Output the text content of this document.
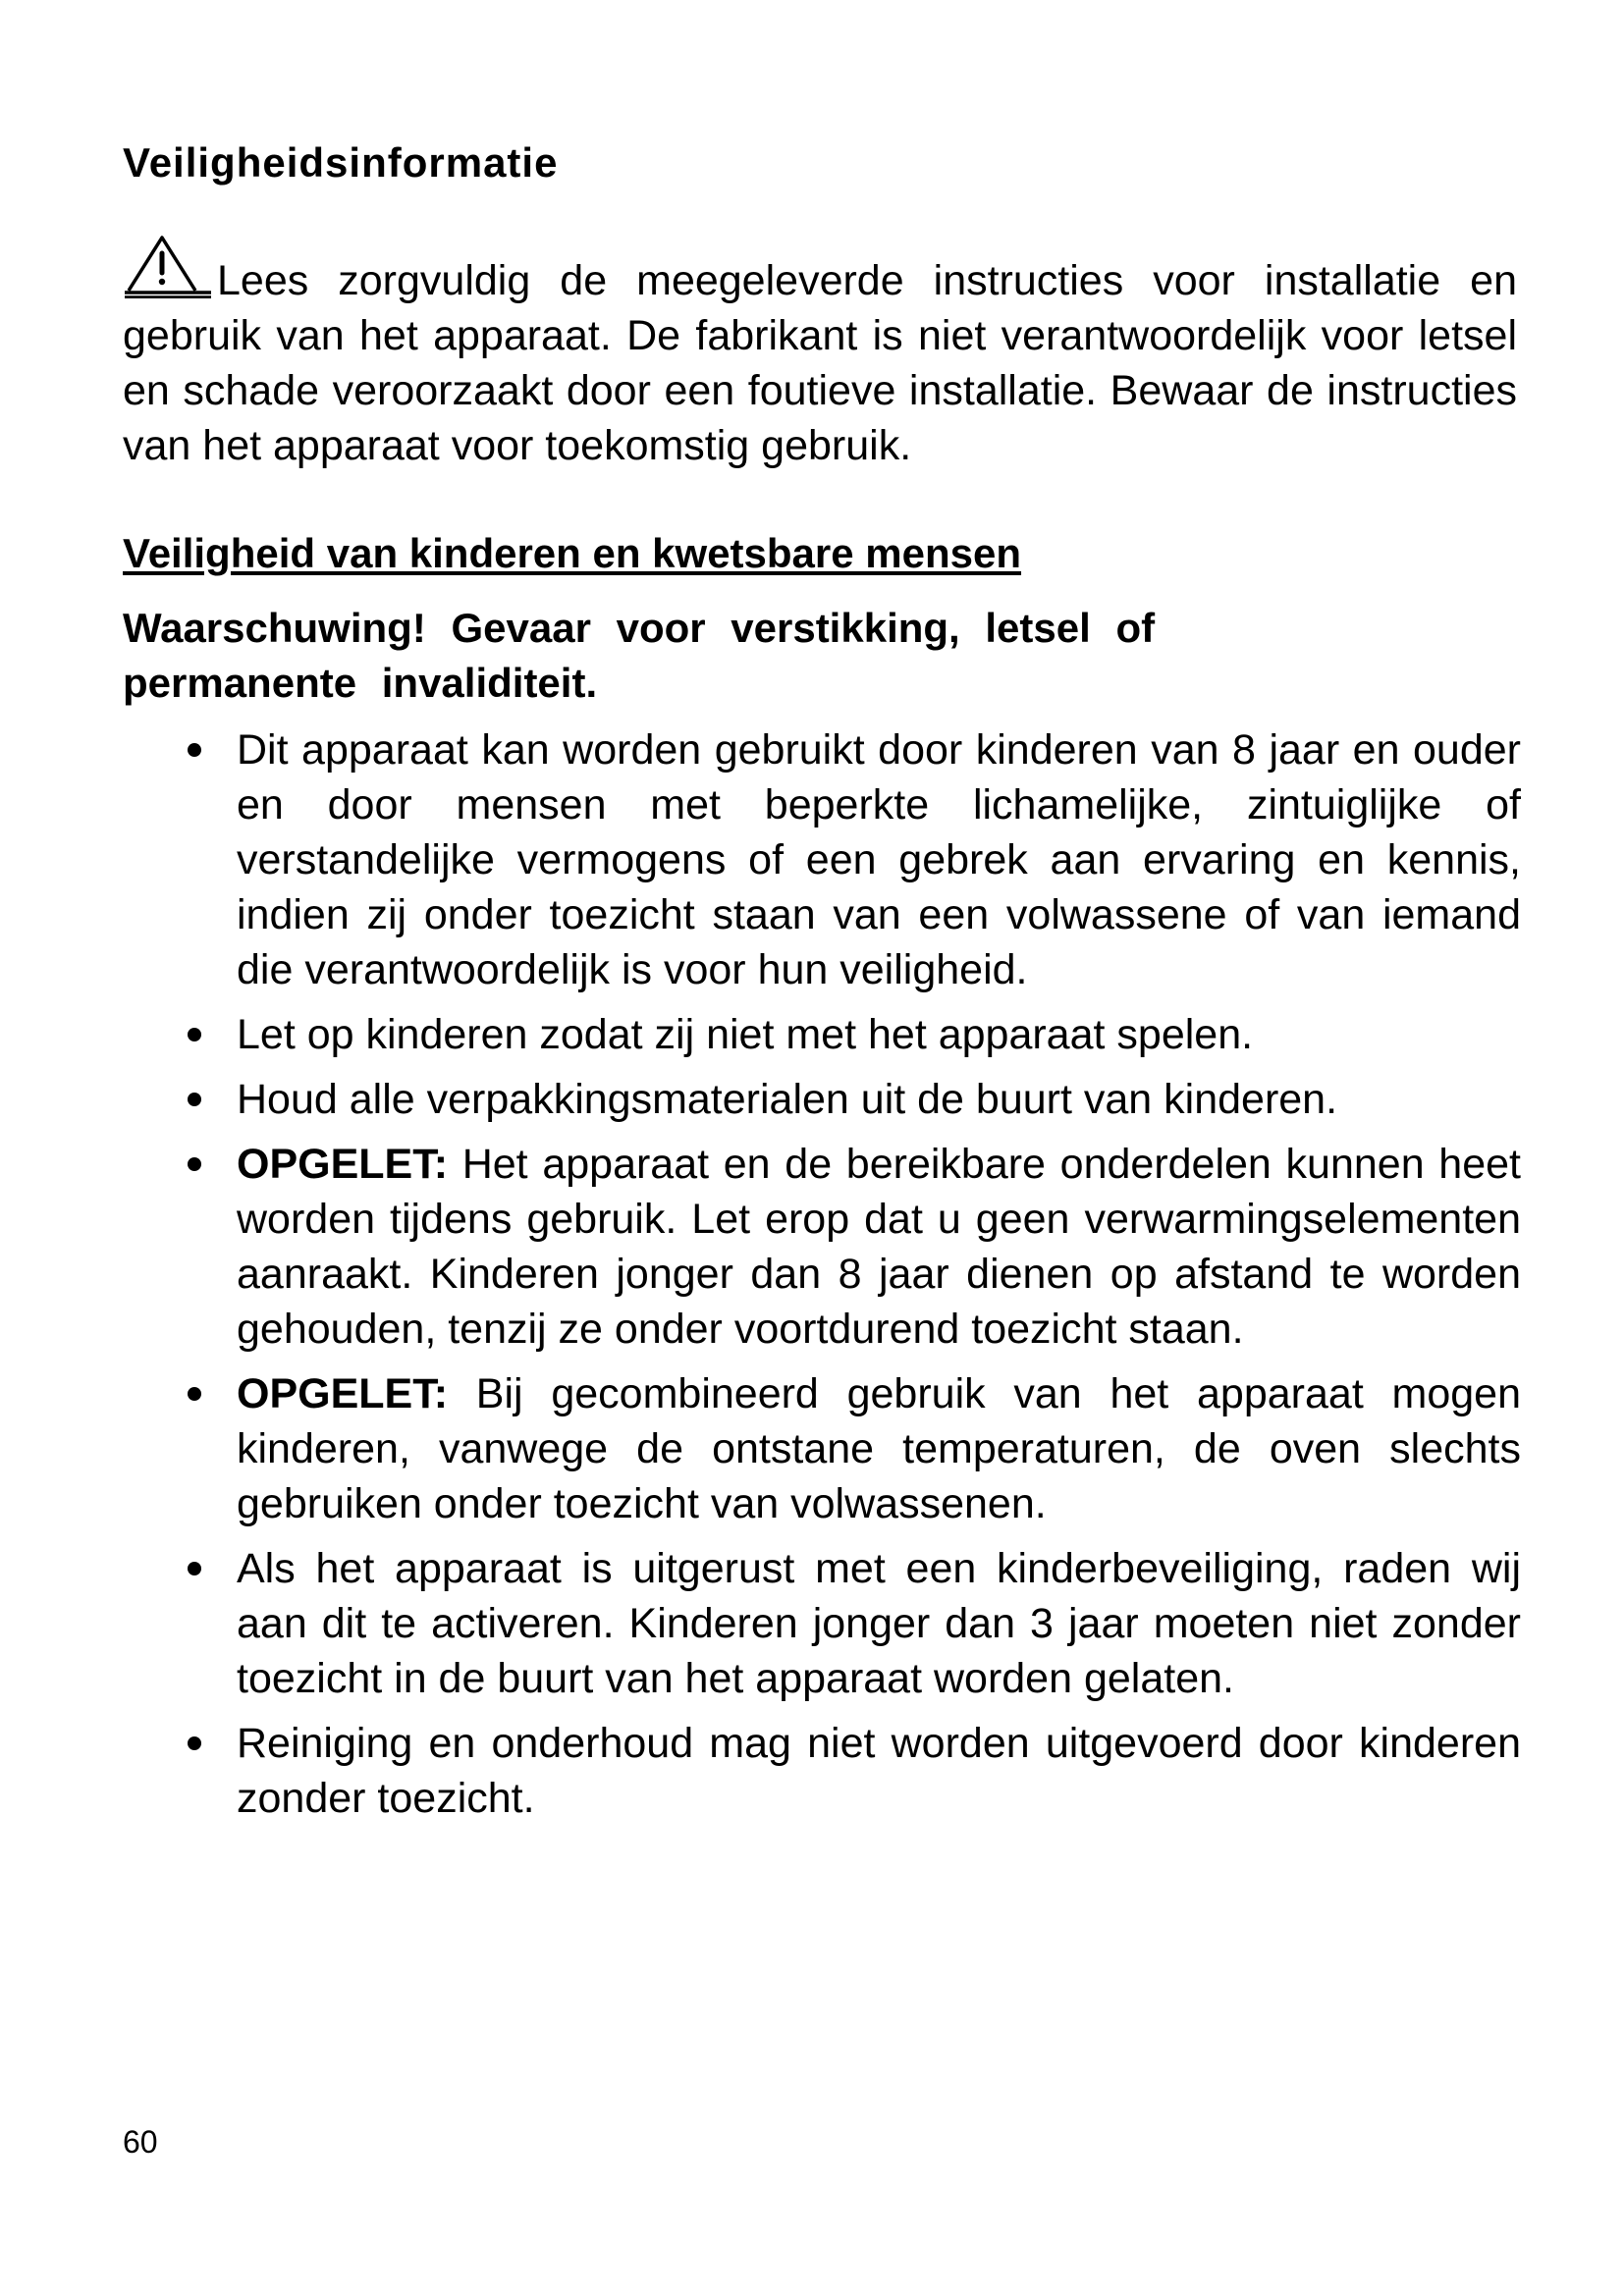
Veiligheidsinformatie

Lees zorgvuldig de meegeleverde instructies voor installatie en gebruik van het apparaat. De fabrikant is niet verantwoordelijk voor letsel en schade veroorzaakt door een foutieve installatie. Bewaar de instructies van het apparaat voor toekomstig gebruik.

Veiligheid van kinderen en kwetsbare mensen
Waarschuwing! Gevaar voor verstikking, letsel of permanente invaliditeit.
Dit apparaat kan worden gebruikt door kinderen van 8 jaar en ouder en door mensen met beperkte lichamelijke, zintuiglijke of verstandelijke vermogens of een gebrek aan ervaring en kennis, indien zij onder toezicht staan van een volwassene of van iemand die verantwoordelijk is voor hun veiligheid.
Let op kinderen zodat zij niet met het apparaat spelen.
Houd alle verpakkingsmaterialen uit de buurt van kinderen.
OPGELET: Het apparaat en de bereikbare onderdelen kunnen heet worden tijdens gebruik. Let erop dat u geen verwarmingselementen aanraakt. Kinderen jonger dan 8 jaar dienen op afstand te worden gehouden, tenzij ze onder voortdurend toezicht staan.
OPGELET: Bij gecombineerd gebruik van het apparaat mogen kinderen, vanwege de ontstane temperaturen, de oven slechts gebruiken onder toezicht van volwassenen.
Als het apparaat is uitgerust met een kinderbeveiliging, raden wij aan dit te activeren. Kinderen jonger dan 3 jaar moeten niet zonder toezicht in de buurt van het apparaat worden gelaten.
Reiniging en onderhoud mag niet worden uitgevoerd door kinderen zonder toezicht.
60
